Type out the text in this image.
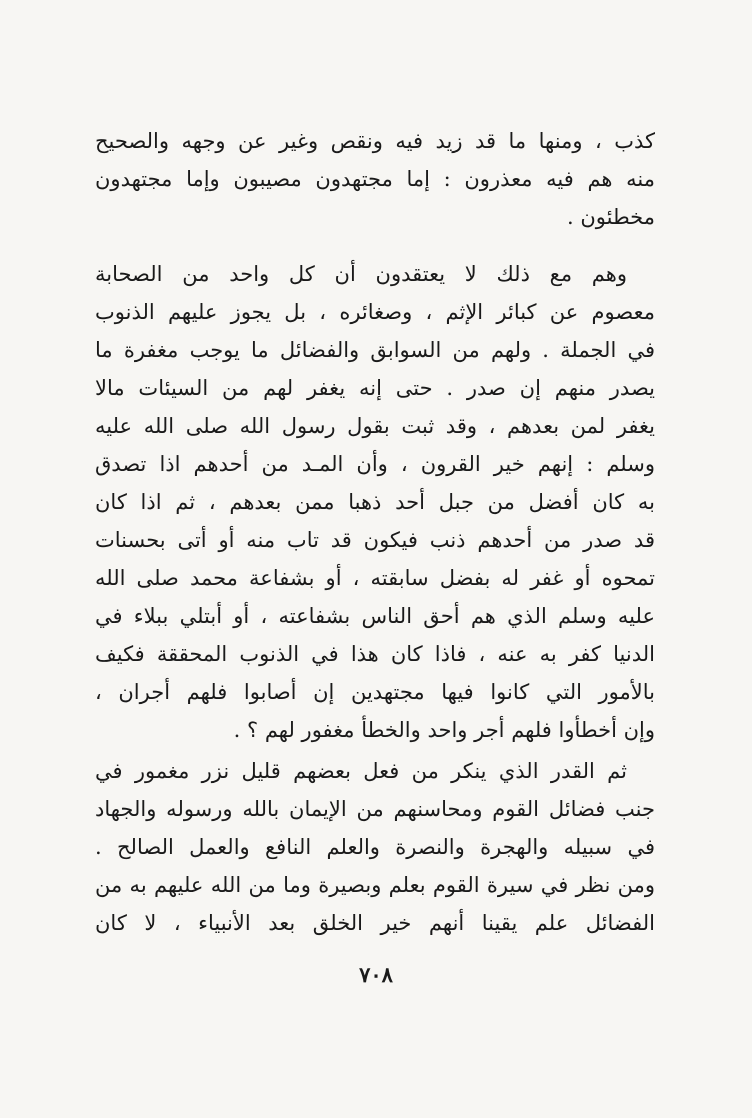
كذب ، ومنها ما قد زيد فيه ونقص وغير عن وجهه والصحيح
منه هم فيه معذرون : إما مجتهدون مصيبون وإما مجتهدون
مخطئون .
وهم مع ذلك لا يعتقدون أن كل واحد من الصحابة
معصوم عن كبائر الإثم ، وصغائره ، بل يجوز عليهم الذنوب
في الجملة . ولهم من السوابق والفضائل ما يوجب مغفرة ما
يصدر منهم إن صدر . حتى إنه يغفر لهم من السيئات مالا
يغفر لمن بعدهم ، وقد ثبت بقول رسول الله صلى الله عليه
وسلم : إنهم خير القرون ، وأن المـد من أحدهم اذا تصدق
به كان أفضل من جبل أحد ذهبا ممن بعدهم ، ثم اذا كان
قد صدر من أحدهم ذنب فيكون قد تاب منه أو أتى بحسنات
تمحوه أو غفر له بفضل سابقته ، أو بشفاعة محمد صلى الله
عليه وسلم الذي هم أحق الناس بشفاعته ، أو أبتلي ببلاء في
الدنيا كفر به عنه ، فاذا كان هذا في الذنوب المحققة فكيف
بالأمور التي كانوا فيها مجتهدين إن أصابوا فلهم أجران ،
وإن أخطأوا فلهم أجر واحد والخطأ مغفور لهم ؟ .
ثم القدر الذي ينكر من فعل بعضهم قليل نزر مغمور في
جنب فضائل القوم ومحاسنهم من الإيمان بالله ورسوله والجهاد
في سبيله والهجرة والنصرة والعلم النافع والعمل الصالح .
ومن نظر في سيرة القوم بعلم وبصيرة وما من الله عليهم به من
الفضائل علم يقينا أنهم خير الخلق بعد الأنبياء ، لا كان
٧٠٨
